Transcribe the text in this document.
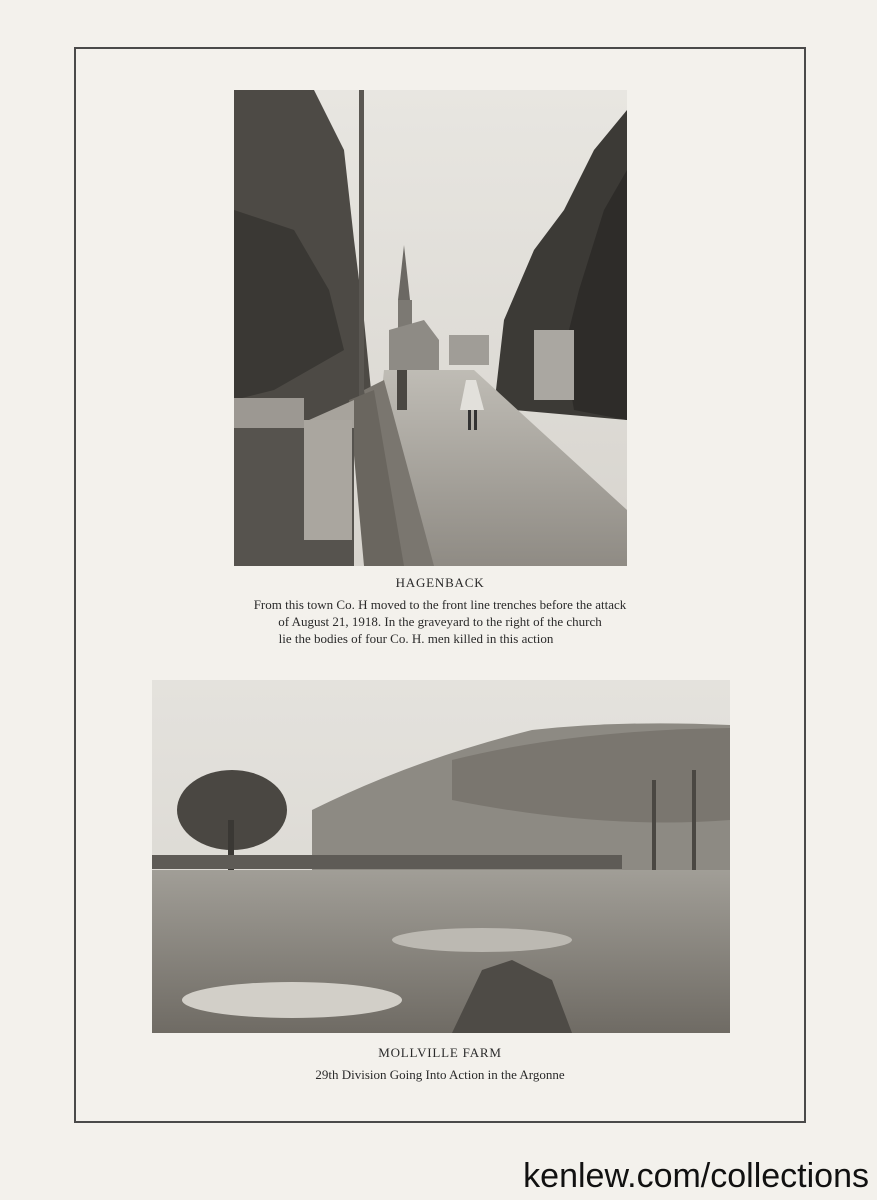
HAGENBACK
From this town Co. H moved to the front line trenches before the attack
of August 21, 1918. In the graveyard to the right of the church
lie the bodies of four Co. H. men killed in this action
MOLLVILLE FARM
29th Division Going Into Action in the Argonne
kenlew.com/collections
